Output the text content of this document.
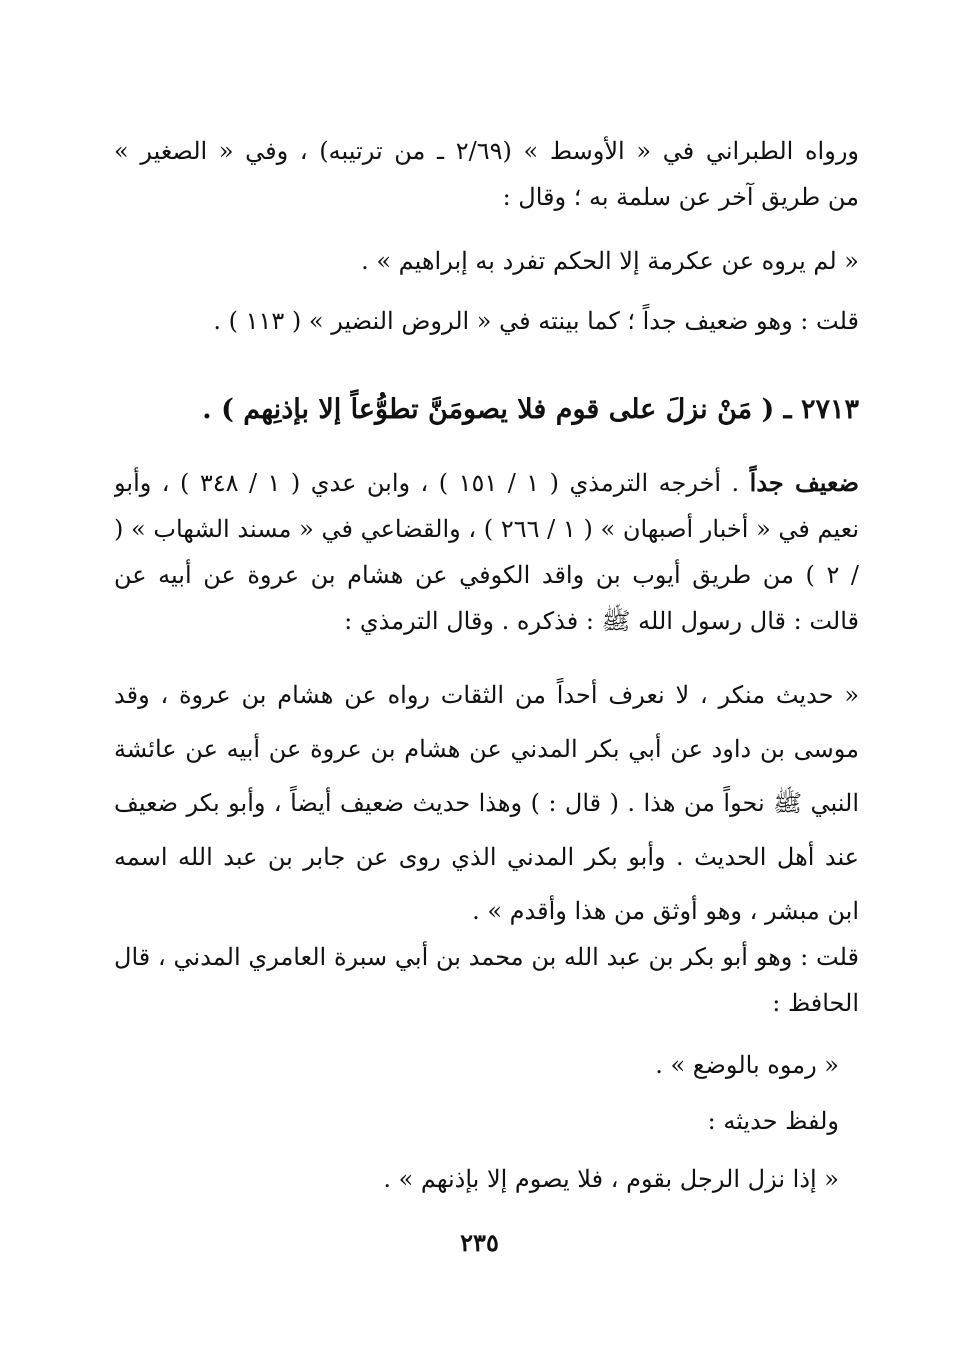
ورواه الطبراني في « الأوسط » (٢/٦٩ ـ من ترتيبه) ، وفي « الصغير »
من طريق آخر عن سلمة به ؛ وقال :
« لم يروه عن عكرمة إلا الحكم تفرد به إبراهيم » .
قلت : وهو ضعيف جداً ؛ كما بينته في « الروض النضير » ( ١١٣ ) .
٢٧١٣ ـ ( مَنْ نزلَ على قوم فلا يصومَنَّ تطوُّعاً إلا بإذنِهم ) .
ضعيف جداً . أخرجه الترمذي ( ١ / ١٥١ ) ، وابن عدي ( ١ / ٣٤٨ ) ، وأبو
نعيم في « أخبار أصبهان » ( ١ / ٢٦٦ ) ، والقضاعي في « مسند الشهاب » (
/ ٢ ) من طريق أيوب بن واقد الكوفي عن هشام بن عروة عن أبيه عن
قالت : قال رسول الله ﷺ : فذكره . وقال الترمذي :
« حديث منكر ، لا نعرف أحداً من الثقات رواه عن هشام بن عروة ، وقد
موسى بن داود عن أبي بكر المدني عن هشام بن عروة عن أبيه عن عائشة
النبي ﷺ نحواً من هذا . ( قال : ) وهذا حديث ضعيف أيضاً ، وأبو بكر ضعيف
عند أهل الحديث . وأبو بكر المدني الذي روى عن جابر بن عبد الله اسمه
ابن مبشر ، وهو أوثق من هذا وأقدم » .
قلت : وهو أبو بكر بن عبد الله بن محمد بن أبي سبرة العامري المدني ، قال
الحافظ :
« رموه بالوضع » .
ولفظ حديثه :
« إذا نزل الرجل بقوم ، فلا يصوم إلا بإذنهم » .
٢٣٥
